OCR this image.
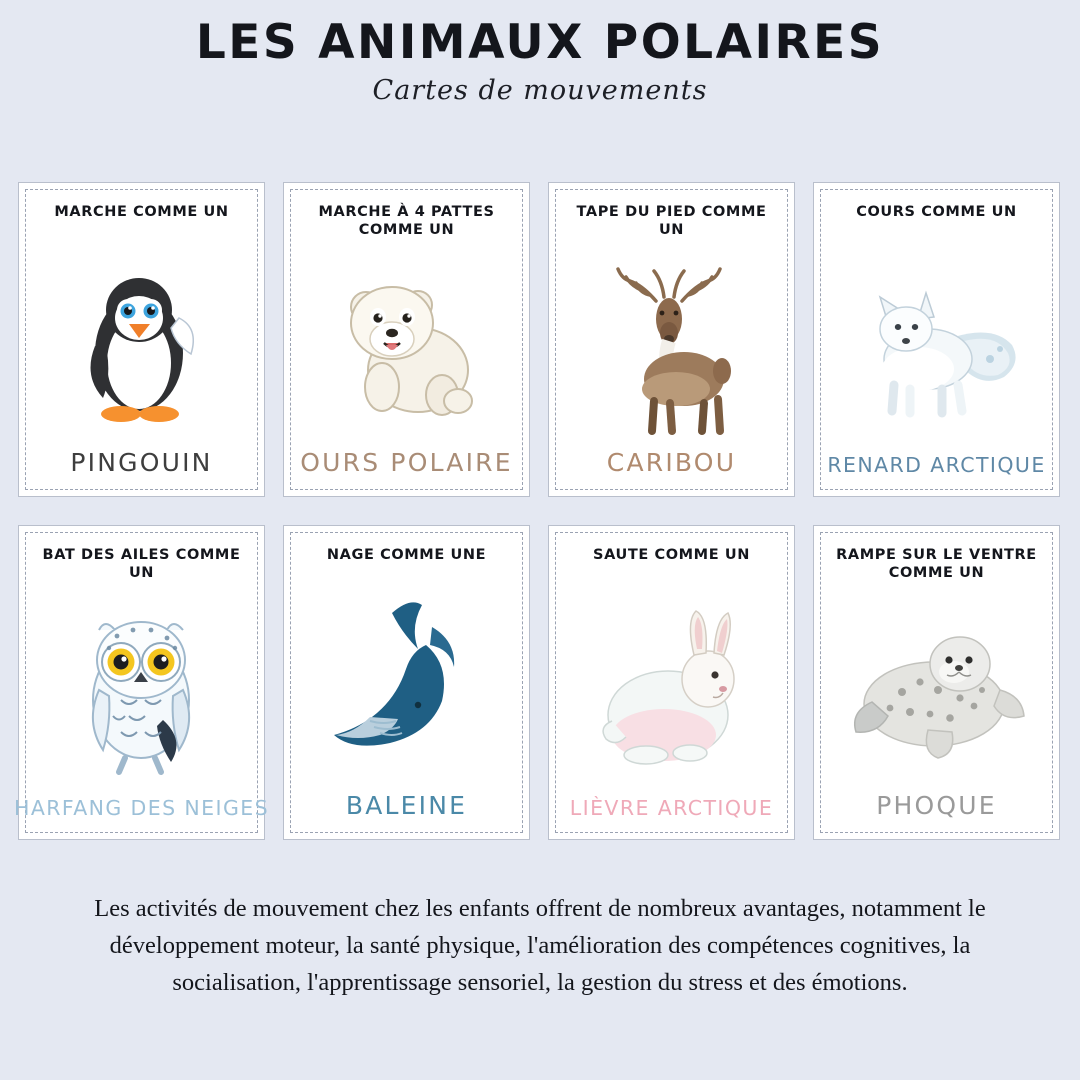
LES ANIMAUX POLAIRES
Cartes de mouvements
MARCHE COMME UN
PINGOUIN
MARCHE À 4 PATTES COMME UN
OURS POLAIRE
TAPE DU PIED COMME UN
CARIBOU
COURS COMME UN
RENARD ARCTIQUE
BAT DES AILES COMME UN
HARFANG DES NEIGES
NAGE COMME UNE
BALEINE
SAUTE COMME UN
LIÈVRE ARCTIQUE
RAMPE SUR LE VENTRE COMME UN
PHOQUE
Les activités de mouvement chez les enfants offrent de nombreux avantages, notamment le développement moteur, la santé physique, l'amélioration des compétences cognitives, la socialisation, l'apprentissage sensoriel, la gestion du stress et des émotions.
